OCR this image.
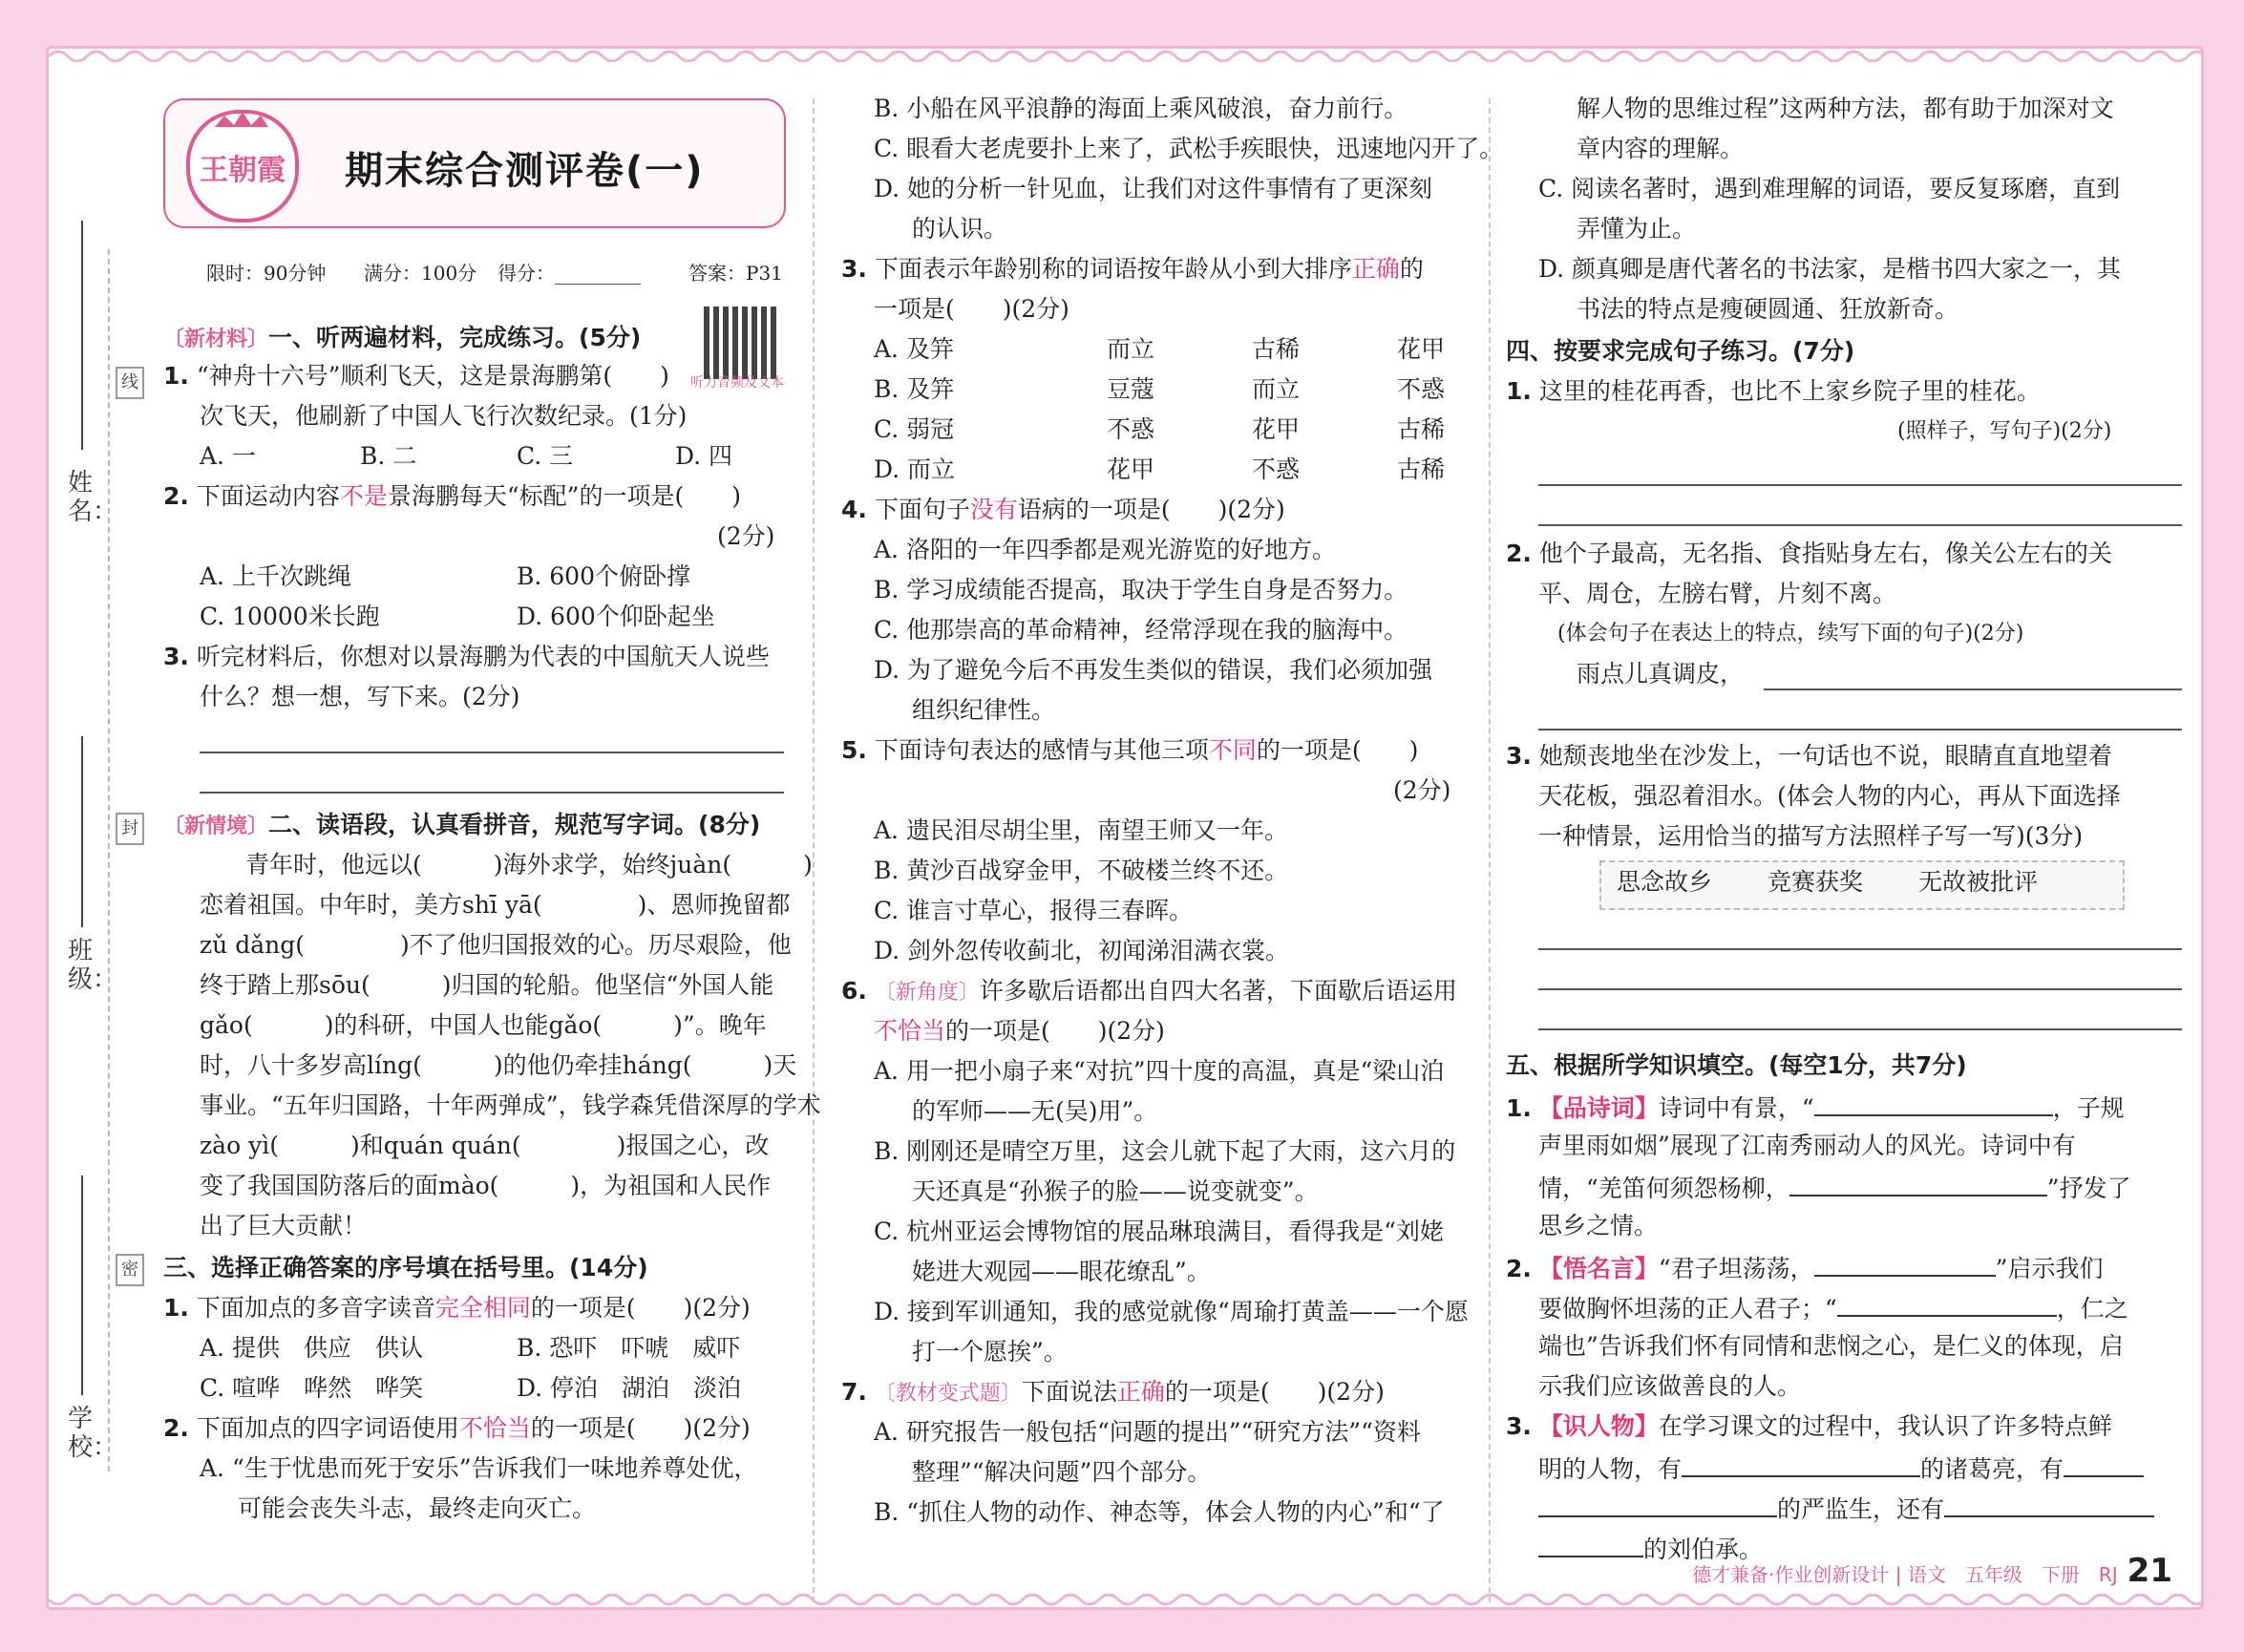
姓 名：
班 级：
学 校：
线
封
密
王朝霞 期末综合测评卷(一)
限时：90分钟 满分：100分 得分：	答案：P31
听力音频及文本
〔新材料〕一、听两遍材料，完成练习。(5分)
1. “神舟十六号”顺利飞天，这是景海鹏第(　　)
次飞天，他刷新了中国人飞行次数纪录。(1分)
A. 一	B. 二	C. 三	D. 四
2. 下面运动内容不是景海鹏每天“标配”的一项是(　　)
(2分)
A. 上千次跳绳	B. 600个俯卧撑
C. 10000米长跑	D. 600个仰卧起坐
3. 听完材料后，你想对以景海鹏为代表的中国航天人说些
什么？想一想，写下来。(2分)
〔新情境〕二、读语段，认真看拼音，规范写字词。(8分)
青年时，他远以(　　　)海外求学，始终juàn(　　　)
恋着祖国。中年时，美方shī yā(　　　　)、恩师挽留都
zǔ dǎng(　　　　)不了他归国报效的心。历尽艰险，他
终于踏上那sōu(　　　)归国的轮船。他坚信“外国人能
gǎo(　　　)的科研，中国人也能gǎo(　　　)”。晚年
时，八十多岁高líng(　　　)的他仍牵挂háng(　　　)天
事业。“五年归国路，十年两弹成”，钱学森凭借深厚的学术
zào yì(　　　)和quán quán(　　　　)报国之心，改
变了我国国防落后的面mào(　　　)，为祖国和人民作
出了巨大贡献！
三、选择正确答案的序号填在括号里。(14分)
1. 下面加点的多音字读音完全相同的一项是(　　)(2分)
A. 提供　供应　供认	B. 恐吓　吓唬　威吓
C. 喧哗　哗然　哗笑	D. 停泊　湖泊　淡泊
2. 下面加点的四字词语使用不恰当的一项是(　　)(2分)
A. “生于忧患而死于安乐”告诉我们一味地养尊处优，
可能会丧失斗志，最终走向灭亡。
B. 小船在风平浪静的海面上乘风破浪，奋力前行。
C. 眼看大老虎要扑上来了，武松手疾眼快，迅速地闪开了。
D. 她的分析一针见血，让我们对这件事情有了更深刻
的认识。
3. 下面表示年龄别称的词语按年龄从小到大排序正确的
一项是(　　)(2分)
A. 及笄	而立	古稀	花甲
B. 及笄	豆蔻	而立	不惑
C. 弱冠	不惑	花甲	古稀
D. 而立	花甲	不惑	古稀
4. 下面句子没有语病的一项是(　　)(2分)
A. 洛阳的一年四季都是观光游览的好地方。
B. 学习成绩能否提高，取决于学生自身是否努力。
C. 他那崇高的革命精神，经常浮现在我的脑海中。
D. 为了避免今后不再发生类似的错误，我们必须加强
组织纪律性。
5. 下面诗句表达的感情与其他三项不同的一项是(　　)
(2分)
A. 遗民泪尽胡尘里，南望王师又一年。
B. 黄沙百战穿金甲，不破楼兰终不还。
C. 谁言寸草心，报得三春晖。
D. 剑外忽传收蓟北，初闻涕泪满衣裳。
6. 〔新角度〕许多歇后语都出自四大名著，下面歇后语运用
不恰当的一项是(　　)(2分)
A. 用一把小扇子来“对抗”四十度的高温，真是“梁山泊
的军师——无(吴)用”。
B. 刚刚还是晴空万里，这会儿就下起了大雨，这六月的
天还真是“孙猴子的脸——说变就变”。
C. 杭州亚运会博物馆的展品琳琅满目，看得我是“刘姥
姥进大观园——眼花缭乱”。
D. 接到军训通知，我的感觉就像“周瑜打黄盖——一个愿
打一个愿挨”。
7. 〔教材变式题〕下面说法正确的一项是(　　)(2分)
A. 研究报告一般包括“问题的提出”“研究方法”“资料
整理”“解决问题”四个部分。
B. “抓住人物的动作、神态等，体会人物的内心”和“了
解人物的思维过程”这两种方法，都有助于加深对文
章内容的理解。
C. 阅读名著时，遇到难理解的词语，要反复琢磨，直到
弄懂为止。
D. 颜真卿是唐代著名的书法家，是楷书四大家之一，其
书法的特点是瘦硬圆通、狂放新奇。
四、按要求完成句子练习。(7分)
1. 这里的桂花再香，也比不上家乡院子里的桂花。
(照样子，写句子)(2分)
2. 他个子最高，无名指、食指贴身左右，像关公左右的关
平、周仓，左膀右臂，片刻不离。
(体会句子在表达上的特点，续写下面的句子)(2分)
雨点儿真调皮，
3. 她颓丧地坐在沙发上，一句话也不说，眼睛直直地望着
天花板，强忍着泪水。(体会人物的内心，再从下面选择
一种情景，运用恰当的描写方法照样子写一写)(3分)
思念故乡 竞赛获奖 无故被批评
五、根据所学知识填空。(每空1分，共7分)
1. 【品诗词】诗词中有景，“	，子规
声里雨如烟”展现了江南秀丽动人的风光。诗词中有
情，“羌笛何须怨杨柳，	”抒发了
思乡之情。
2. 【悟名言】“君子坦荡荡，	”启示我们
要做胸怀坦荡的正人君子；“	，仁之
端也”告诉我们怀有同情和悲悯之心，是仁义的体现，启
示我们应该做善良的人。
3. 【识人物】在学习课文的过程中，我认识了许多特点鲜
明的人物，有	的诸葛亮，有
的严监生，还有
的刘伯承。
德才兼备·作业创新设计 | 语文　五年级　下册　RJ 21
